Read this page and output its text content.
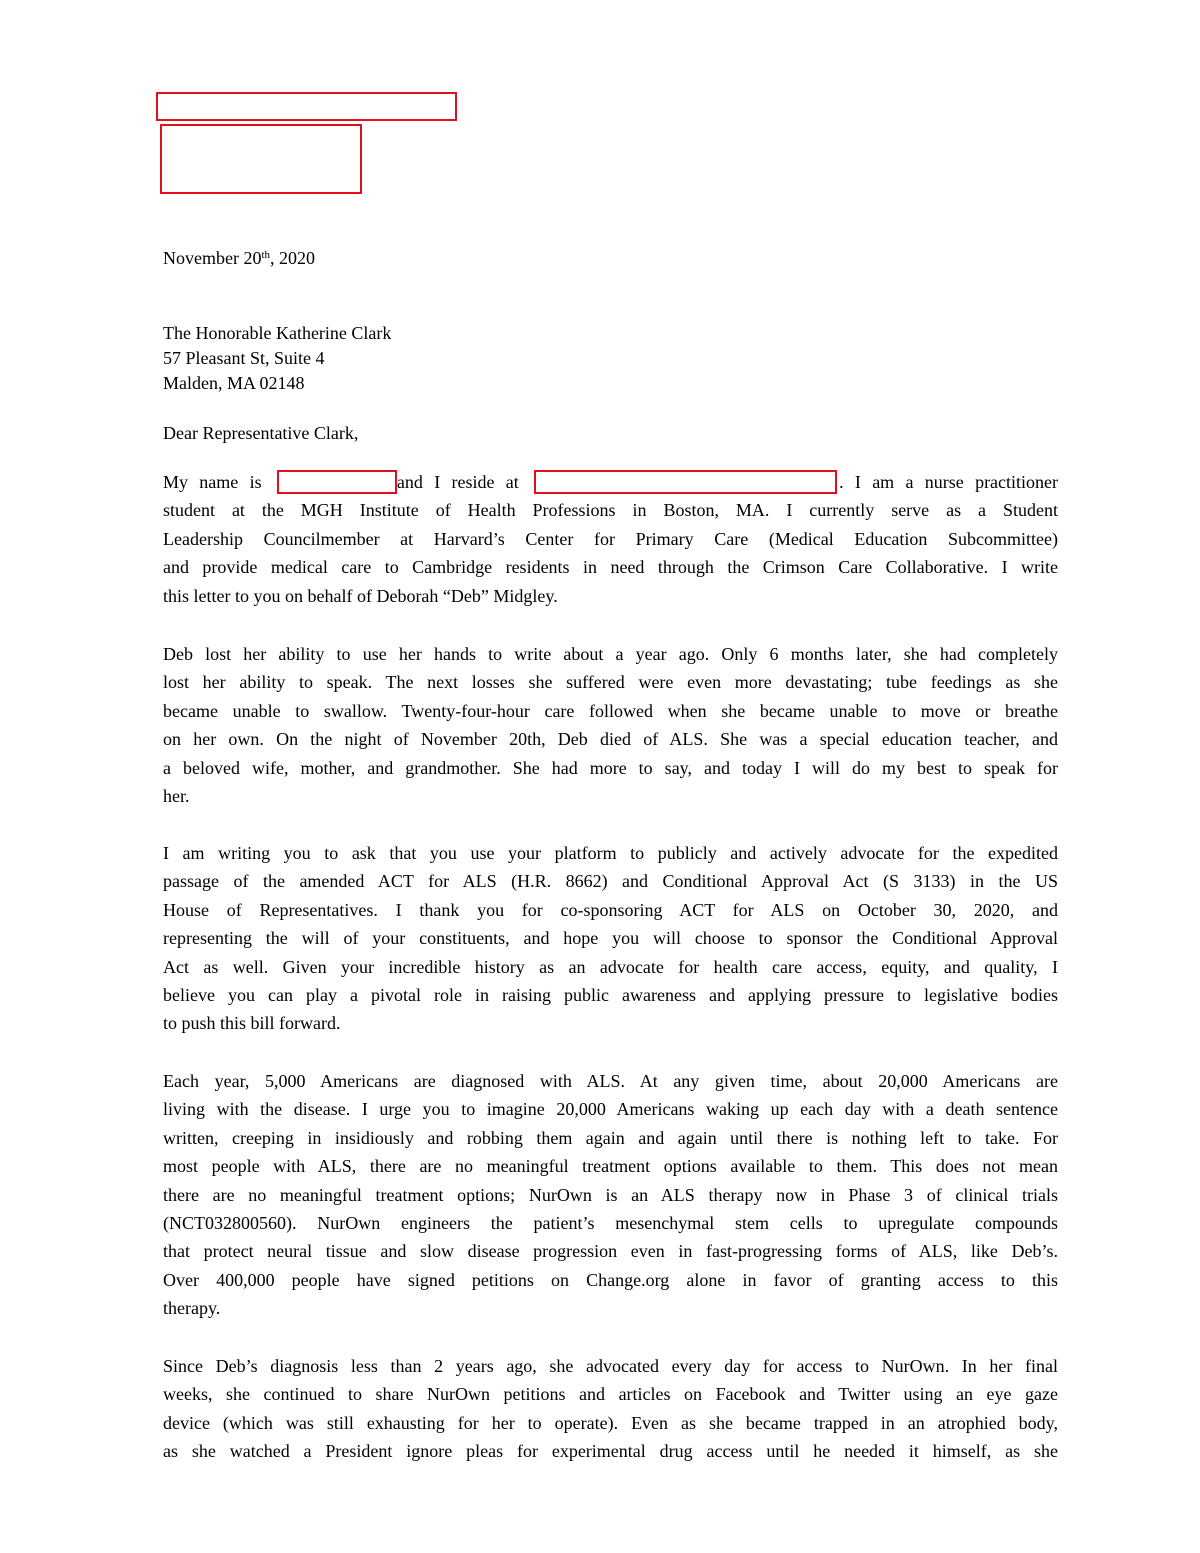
November 20th, 2020
The Honorable Katherine Clark
57 Pleasant St, Suite 4
Malden, MA 02148
Dear Representative Clark,
My name is	and I reside at	. I am a nurse practitioner
student at the MGH Institute of Health Professions in Boston, MA. I currently serve as a Student
Leadership Councilmember at Harvard’s Center for Primary Care (Medical Education Subcommittee)
and provide medical care to Cambridge residents in need through the Crimson Care Collaborative. I write
this letter to you on behalf of Deborah “Deb” Midgley.
Deb lost her ability to use her hands to write about a year ago. Only 6 months later, she had completely
lost her ability to speak. The next losses she suffered were even more devastating; tube feedings as she
became unable to swallow. Twenty-four-hour care followed when she became unable to move or breathe
on her own. On the night of November 20th, Deb died of ALS. She was a special education teacher, and
a beloved wife, mother, and grandmother. She had more to say, and today I will do my best to speak for
her.
I am writing you to ask that you use your platform to publicly and actively advocate for the expedited
passage of the amended ACT for ALS (H.R. 8662) and Conditional Approval Act (S 3133) in the US
House of Representatives. I thank you for co-sponsoring ACT for ALS on October 30, 2020, and
representing the will of your constituents, and hope you will choose to sponsor the Conditional Approval
Act as well. Given your incredible history as an advocate for health care access, equity, and quality, I
believe you can play a pivotal role in raising public awareness and applying pressure to legislative bodies
to push this bill forward.
Each year, 5,000 Americans are diagnosed with ALS. At any given time, about 20,000 Americans are
living with the disease. I urge you to imagine 20,000 Americans waking up each day with a death sentence
written, creeping in insidiously and robbing them again and again until there is nothing left to take. For
most people with ALS, there are no meaningful treatment options available to them. This does not mean
there are no meaningful treatment options; NurOwn is an ALS therapy now in Phase 3 of clinical trials
(NCT032800560). NurOwn engineers the patient’s mesenchymal stem cells to upregulate compounds
that protect neural tissue and slow disease progression even in fast-progressing forms of ALS, like Deb’s.
Over 400,000 people have signed petitions on Change.org alone in favor of granting access to this
therapy.
Since Deb’s diagnosis less than 2 years ago, she advocated every day for access to NurOwn. In her final
weeks, she continued to share NurOwn petitions and articles on Facebook and Twitter using an eye gaze
device (which was still exhausting for her to operate). Even as she became trapped in an atrophied body,
as she watched a President ignore pleas for experimental drug access until he needed it himself, as she
